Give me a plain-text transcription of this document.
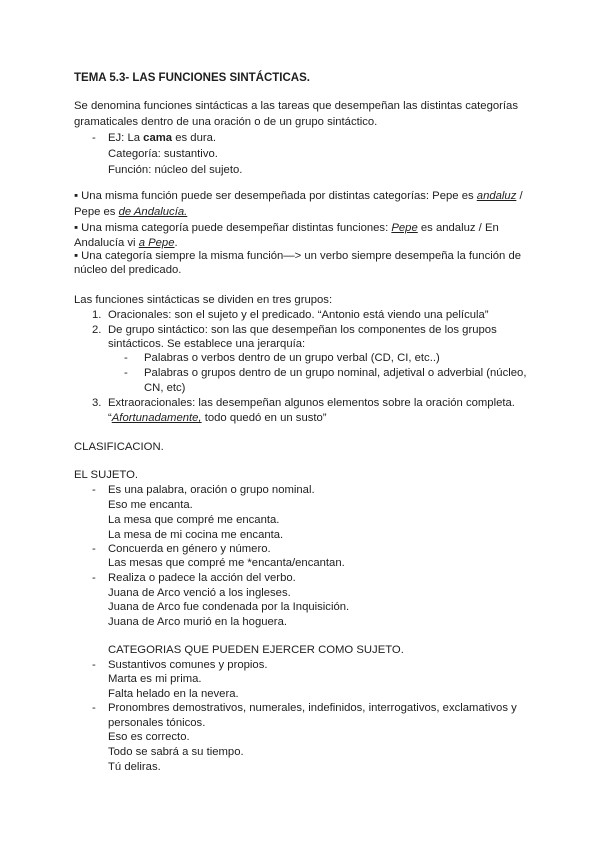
TEMA 5.3- LAS FUNCIONES SINTÁCTICAS.
Se denomina funciones sintácticas a las tareas que desempeñan las distintas categorías
gramaticales dentro de una oración o de un grupo sintáctico.
- EJ: La cama es dura.
Categoría: sustantivo.
Función: núcleo del sujeto.
▪ Una misma función puede ser desempeñada por distintas categorías: Pepe es andaluz /
Pepe es de Andalucía.
▪ Una misma categoría puede desempeñar distintas funciones: Pepe es andaluz / En
Andalucía vi a Pepe.
▪ Una categoría siempre la misma función—> un verbo siempre desempeña la función de
núcleo del predicado.
Las funciones sintácticas se dividen en tres grupos:
1. Oracionales: son el sujeto y el predicado. “Antonio está viendo una película”
2. De grupo sintáctico: son las que desempeñan los componentes de los grupos
sintácticos. Se establece una jerarquía:
- Palabras o verbos dentro de un grupo verbal (CD, CI, etc..)
- Palabras o grupos dentro de un grupo nominal, adjetival o adverbial (núcleo,
CN, etc)
3. Extraoracionales: las desempeñan algunos elementos sobre la oración completa.
“Afortunadamente, todo quedó en un susto”
CLASIFICACION.
EL SUJETO.
- Es una palabra, oración o grupo nominal.
Eso me encanta.
La mesa que compré me encanta.
La mesa de mi cocina me encanta.
- Concuerda en género y número.
Las mesas que compré me *encanta/encantan.
- Realiza o padece la acción del verbo.
Juana de Arco venció a los ingleses.
Juana de Arco fue condenada por la Inquisición.
Juana de Arco murió en la hoguera.
CATEGORIAS QUE PUEDEN EJERCER COMO SUJETO.
- Sustantivos comunes y propios.
Marta es mi prima.
Falta helado en la nevera.
- Pronombres demostrativos, numerales, indefinidos, interrogativos, exclamativos y
personales tónicos.
Eso es correcto.
Todo se sabrá a su tiempo.
Tú deliras.
